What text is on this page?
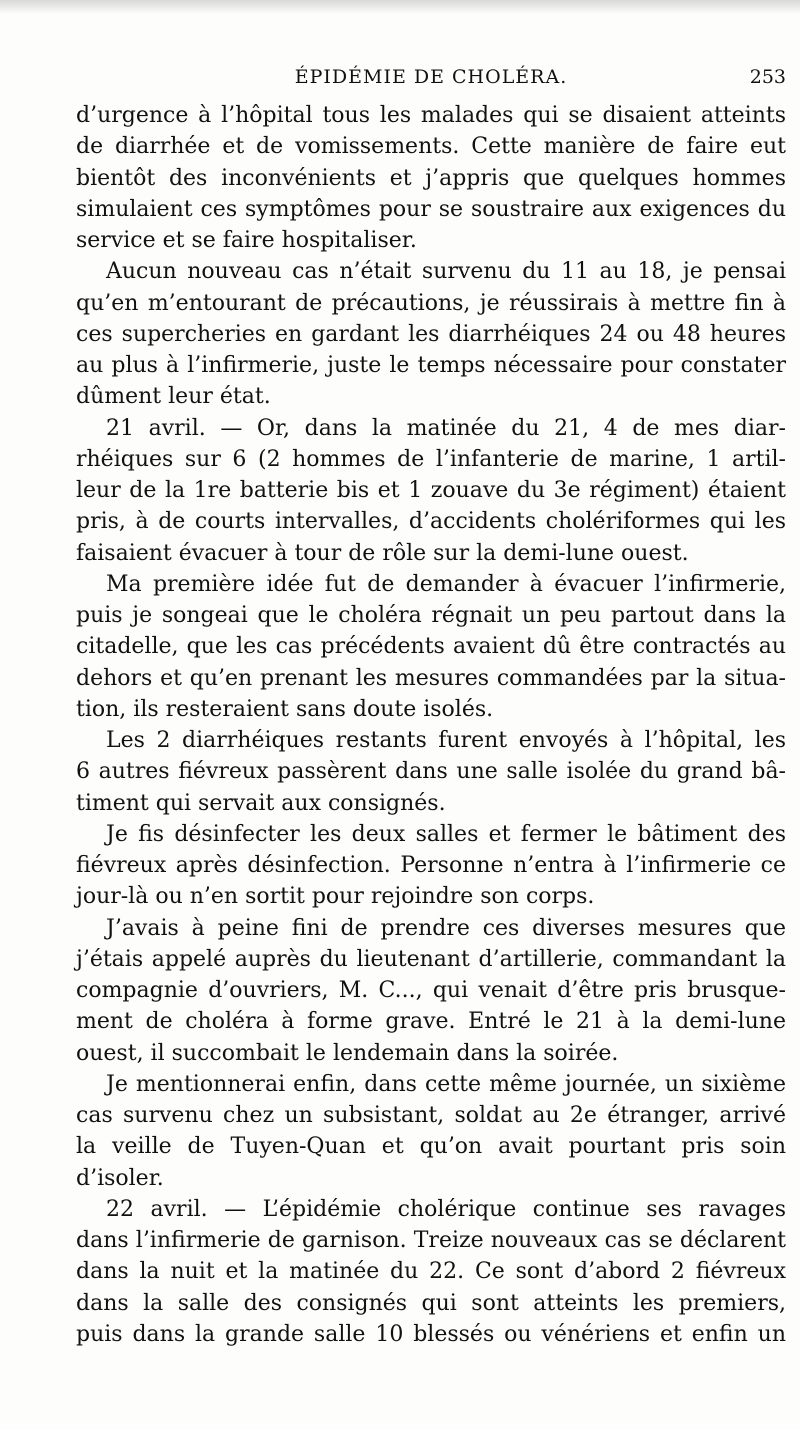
ÉPIDÉMIE DE CHOLÉRA.	253
d’urgence à l’hôpital tous les malades qui se disaient atteints
de diarrhée et de vomissements. Cette manière de faire eut
bientôt des inconvénients et j’appris que quelques hommes
simulaient ces symptômes pour se soustraire aux exigences du
service et se faire hospitaliser.
Aucun nouveau cas n’était survenu du 11 au 18, je pensai
qu’en m’entourant de précautions, je réussirais à mettre fin à
ces supercheries en gardant les diarrhéiques 24 ou 48 heures
au plus à l’infirmerie, juste le temps nécessaire pour constater
dûment leur état.
21 avril. — Or, dans la matinée du 21, 4 de mes diar-
rhéiques sur 6 (2 hommes de l’infanterie de marine, 1 artil-
leur de la 1re batterie bis et 1 zouave du 3e régiment) étaient
pris, à de courts intervalles, d’accidents cholériformes qui les
faisaient évacuer à tour de rôle sur la demi-lune ouest.
Ma première idée fut de demander à évacuer l’infirmerie,
puis je songeai que le choléra régnait un peu partout dans la
citadelle, que les cas précédents avaient dû être contractés au
dehors et qu’en prenant les mesures commandées par la situa-
tion, ils resteraient sans doute isolés.
Les 2 diarrhéiques restants furent envoyés à l’hôpital, les
6 autres fiévreux passèrent dans une salle isolée du grand bâ-
timent qui servait aux consignés.
Je fis désinfecter les deux salles et fermer le bâtiment des
fiévreux après désinfection. Personne n’entra à l’infirmerie ce
jour-là ou n’en sortit pour rejoindre son corps.
J’avais à peine fini de prendre ces diverses mesures que
j’étais appelé auprès du lieutenant d’artillerie, commandant la
compagnie d’ouvriers, M. C..., qui venait d’être pris brusque-
ment de choléra à forme grave. Entré le 21 à la demi-lune
ouest, il succombait le lendemain dans la soirée.
Je mentionnerai enfin, dans cette même journée, un sixième
cas survenu chez un subsistant, soldat au 2e étranger, arrivé
la veille de Tuyen-Quan et qu’on avait pourtant pris soin
d’isoler.
22 avril. — L’épidémie cholérique continue ses ravages
dans l’infirmerie de garnison. Treize nouveaux cas se déclarent
dans la nuit et la matinée du 22. Ce sont d’abord 2 fiévreux
dans la salle des consignés qui sont atteints les premiers,
puis dans la grande salle 10 blessés ou vénériens et enfin un
